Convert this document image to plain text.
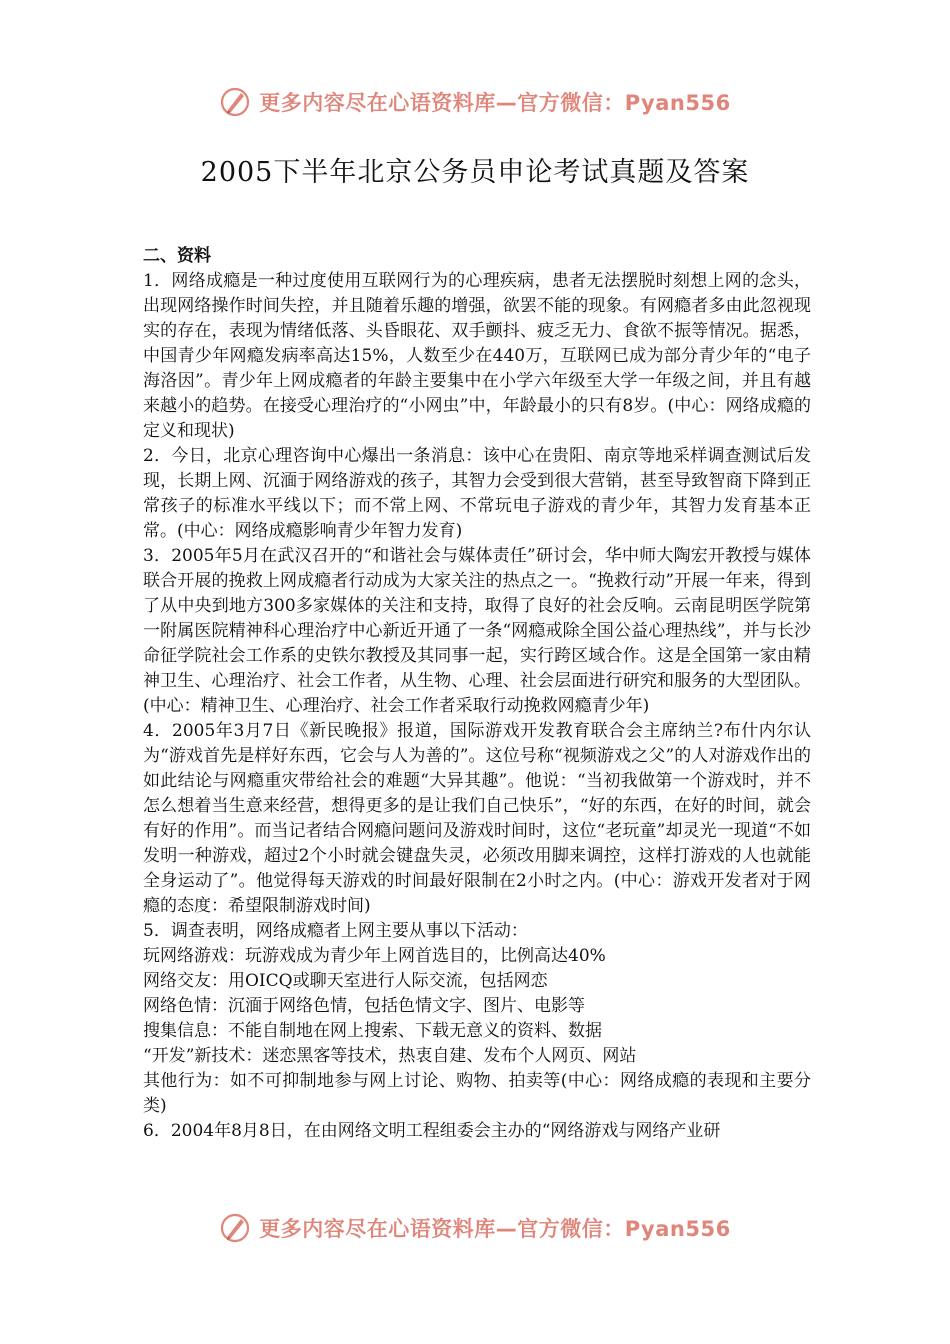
更多内容尽在心语资料库—官方微信：Pyan556
2005下半年北京公务员申论考试真题及答案

二、资料

1．网络成瘾是一种过度使用互联网行为的心理疾病，患者无法摆脱时刻想上网的念头，出现网络操作时间失控，并且随着乐趣的增强，欲罢不能的现象。有网瘾者多由此忽视现实的存在，表现为情绪低落、头昏眼花、双手颤抖、疲乏无力、食欲不振等情况。据悉，中国青少年网瘾发病率高达15%，人数至少在440万，互联网已成为部分青少年的“电子海洛因”。青少年上网成瘾者的年龄主要集中在小学六年级至大学一年级之间，并且有越来越小的趋势。在接受心理治疗的“小网虫”中，年龄最小的只有8岁。(中心：网络成瘾的定义和现状)

2．今日，北京心理咨询中心爆出一条消息：该中心在贵阳、南京等地采样调查测试后发现，长期上网、沉湎于网络游戏的孩子，其智力会受到很大营销，甚至导致智商下降到正常孩子的标准水平线以下；而不常上网、不常玩电子游戏的青少年，其智力发育基本正常。(中心：网络成瘾影响青少年智力发育)

3．2005年5月在武汉召开的“和谐社会与媒体责任”研讨会，华中师大陶宏开教授与媒体联合开展的挽救上网成瘾者行动成为大家关注的热点之一。“挽救行动”开展一年来，得到了从中央到地方300多家媒体的关注和支持，取得了良好的社会反响。云南昆明医学院第一附属医院精神科心理治疗中心新近开通了一条“网瘾戒除全国公益心理热线”，并与长沙命征学院社会工作系的史铁尔教授及其同事一起，实行跨区域合作。这是全国第一家由精神卫生、心理治疗、社会工作者，从生物、心理、社会层面进行研究和服务的大型团队。(中心：精神卫生、心理治疗、社会工作者采取行动挽救网瘾青少年)

4．2005年3月7日《新民晚报》报道，国际游戏开发教育联合会主席纳兰?布什内尔认为“游戏首先是样好东西，它会与人为善的”。这位号称“视频游戏之父”的人对游戏作出的如此结论与网瘾重灾带给社会的难题“大异其趣”。他说：“当初我做第一个游戏时，并不怎么想着当生意来经营，想得更多的是让我们自己快乐”，“好的东西，在好的时间，就会有好的作用”。而当记者结合网瘾问题问及游戏时间时，这位“老玩童”却灵光一现道“不如发明一种游戏，超过2个小时就会键盘失灵，必须改用脚来调控，这样打游戏的人也就能全身运动了”。他觉得每天游戏的时间最好限制在2小时之内。(中心：游戏开发者对于网瘾的态度：希望限制游戏时间)

5．调查表明，网络成瘾者上网主要从事以下活动：

玩网络游戏：玩游戏成为青少年上网首选目的，比例高达40%

网络交友：用OICQ或聊天室进行人际交流，包括网恋

网络色情：沉湎于网络色情，包括色情文字、图片、电影等

搜集信息：不能自制地在网上搜索、下载无意义的资料、数据

“开发”新技术：迷恋黑客等技术，热衷自建、发布个人网页、网站

其他行为：如不可抑制地参与网上讨论、购物、拍卖等(中心：网络成瘾的表现和主要分类)

6．2004年8月8日，在由网络文明工程组委会主办的“网络游戏与网络产业研

更多内容尽在心语资料库—官方微信：Pyan556
